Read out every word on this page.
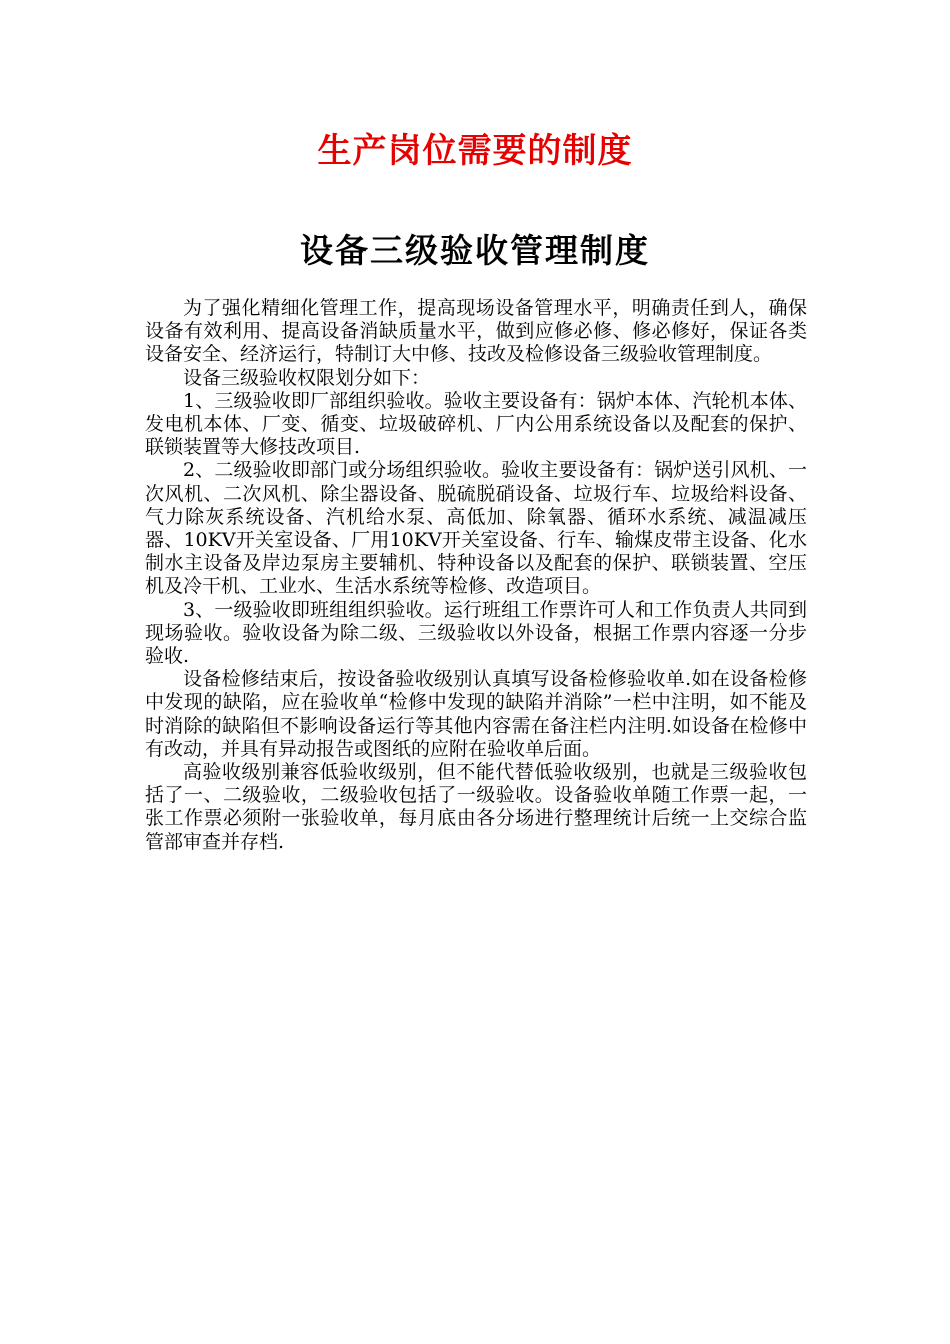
生产岗位需要的制度
设备三级验收管理制度

为了强化精细化管理工作，提高现场设备管理水平，明确责任到人，确保设备有效利用、提高设备消缺质量水平，做到应修必修、修必修好，保证各类设备安全、经济运行，特制订大中修、技改及检修设备三级验收管理制度。

设备三级验收权限划分如下：

1、三级验收即厂部组织验收。验收主要设备有：锅炉本体、汽轮机本体、发电机本体、厂变、循变、垃圾破碎机、厂内公用系统设备以及配套的保护、联锁装置等大修技改项目.

2、二级验收即部门或分场组织验收。验收主要设备有：锅炉送引风机、一次风机、二次风机、除尘器设备、脱硫脱硝设备、垃圾行车、垃圾给料设备、气力除灰系统设备、汽机给水泵、高低加、除氧器、循环水系统、减温减压器、10KV开关室设备、厂用10KV开关室设备、行车、输煤皮带主设备、化水制水主设备及岸边泵房主要辅机、特种设备以及配套的保护、联锁装置、空压机及冷干机、工业水、生活水系统等检修、改造项目。

3、一级验收即班组组织验收。运行班组工作票许可人和工作负责人共同到现场验收。验收设备为除二级、三级验收以外设备，根据工作票内容逐一分步验收.

设备检修结束后，按设备验收级别认真填写设备检修验收单.如在设备检修中发现的缺陷，应在验收单“检修中发现的缺陷并消除”一栏中注明，如不能及时消除的缺陷但不影响设备运行等其他内容需在备注栏内注明.如设备在检修中有改动，并具有异动报告或图纸的应附在验收单后面。

高验收级别兼容低验收级别，但不能代替低验收级别，也就是三级验收包括了一、二级验收，二级验收包括了一级验收。设备验收单随工作票一起，一张工作票必须附一张验收单，每月底由各分场进行整理统计后统一上交综合监管部审查并存档.
